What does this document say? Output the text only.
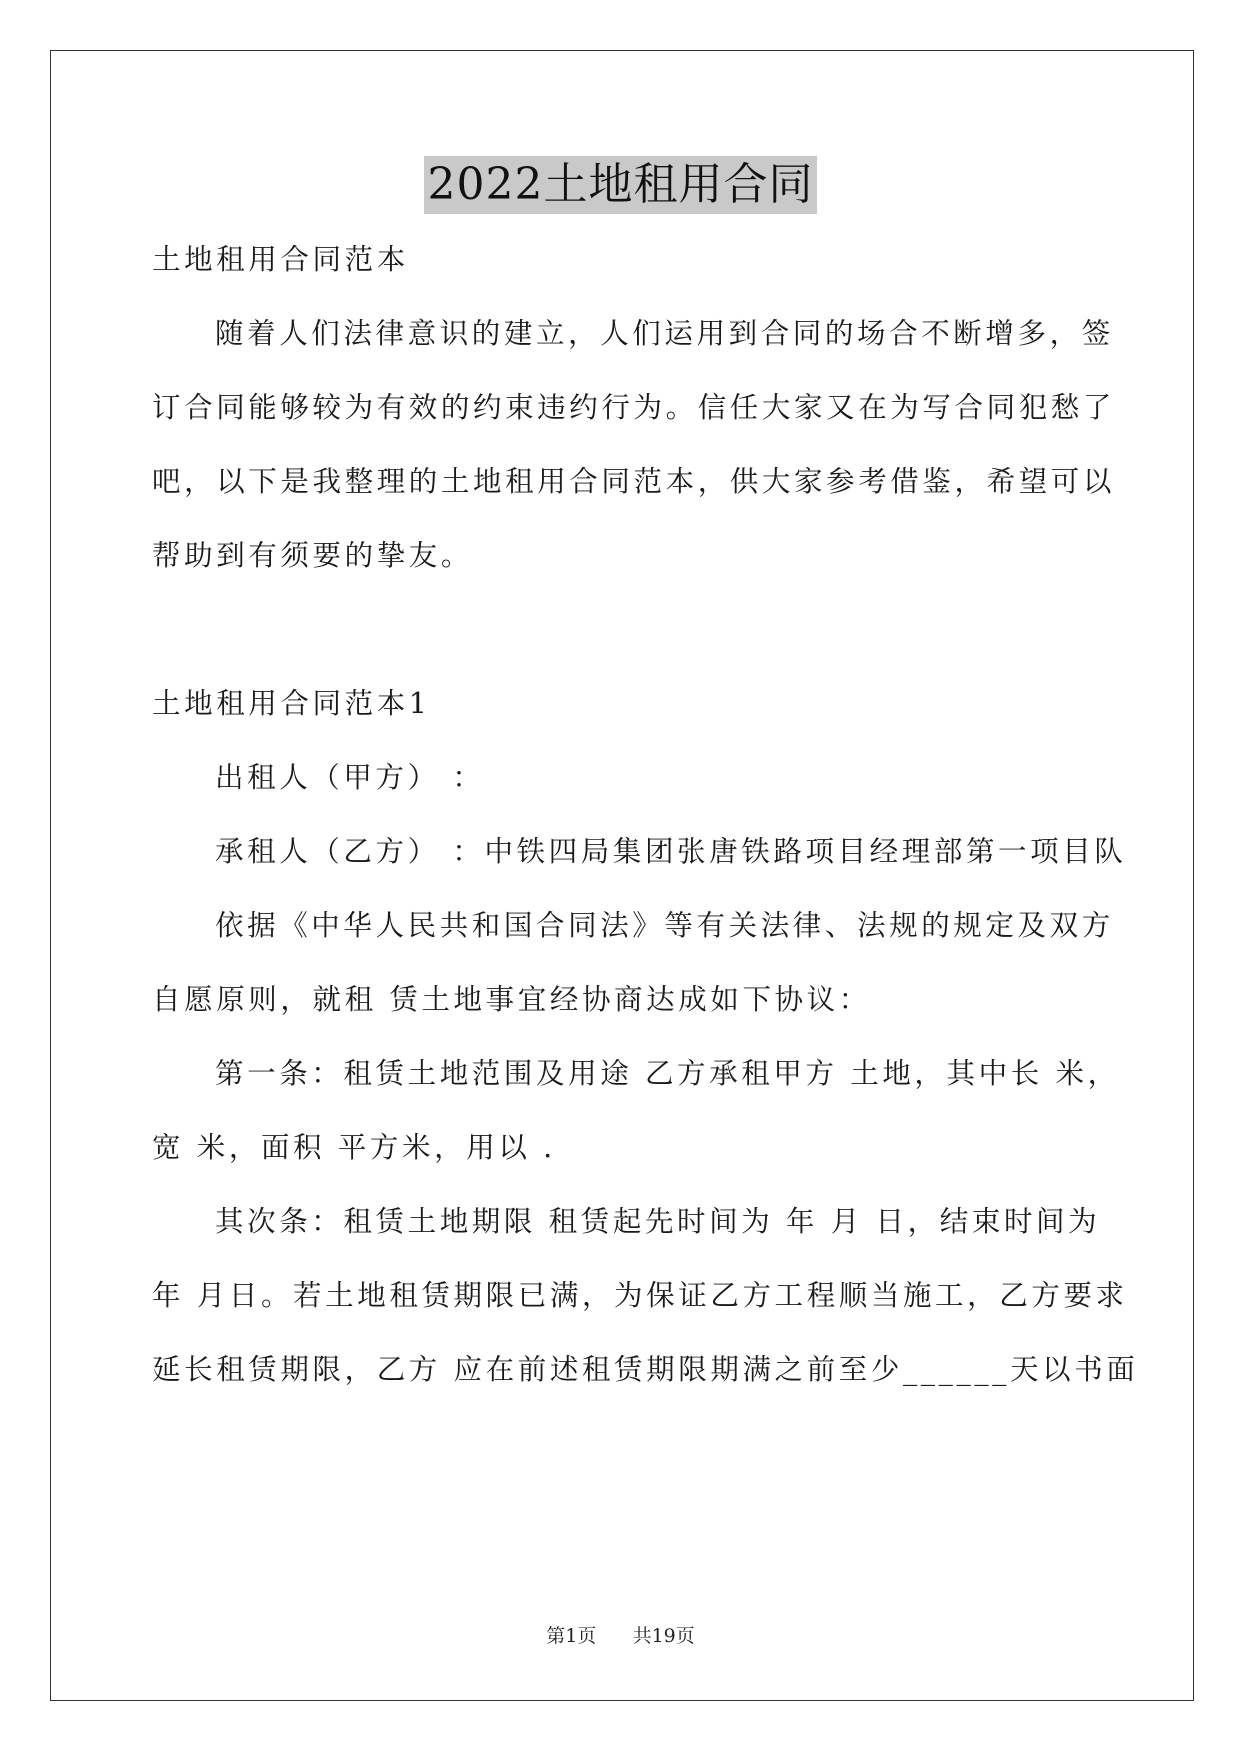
2022土地租用合同
土地租用合同范本
随着人们法律意识的建立，人们运用到合同的场合不断增多，签
订合同能够较为有效的约束违约行为。信任大家又在为写合同犯愁了
吧，以下是我整理的土地租用合同范本，供大家参考借鉴，希望可以
帮助到有须要的挚友。
土地租用合同范本1
出租人（甲方） ：
承租人（乙方） ：中铁四局集团张唐铁路项目经理部第一项目队
依据《中华人民共和国合同法》等有关法律、法规的规定及双方
自愿原则，就租 赁土地事宜经协商达成如下协议：
第一条：租赁土地范围及用途 乙方承租甲方 土地，其中长 米，
宽 米，面积 平方米，用以 .
其次条：租赁土地期限 租赁起先时间为 年 月 日，结束时间为
年 月日。若土地租赁期限已满，为保证乙方工程顺当施工，乙方要求
延长租赁期限，乙方 应在前述租赁期限期满之前至少______天以书面
第1页 共19页
